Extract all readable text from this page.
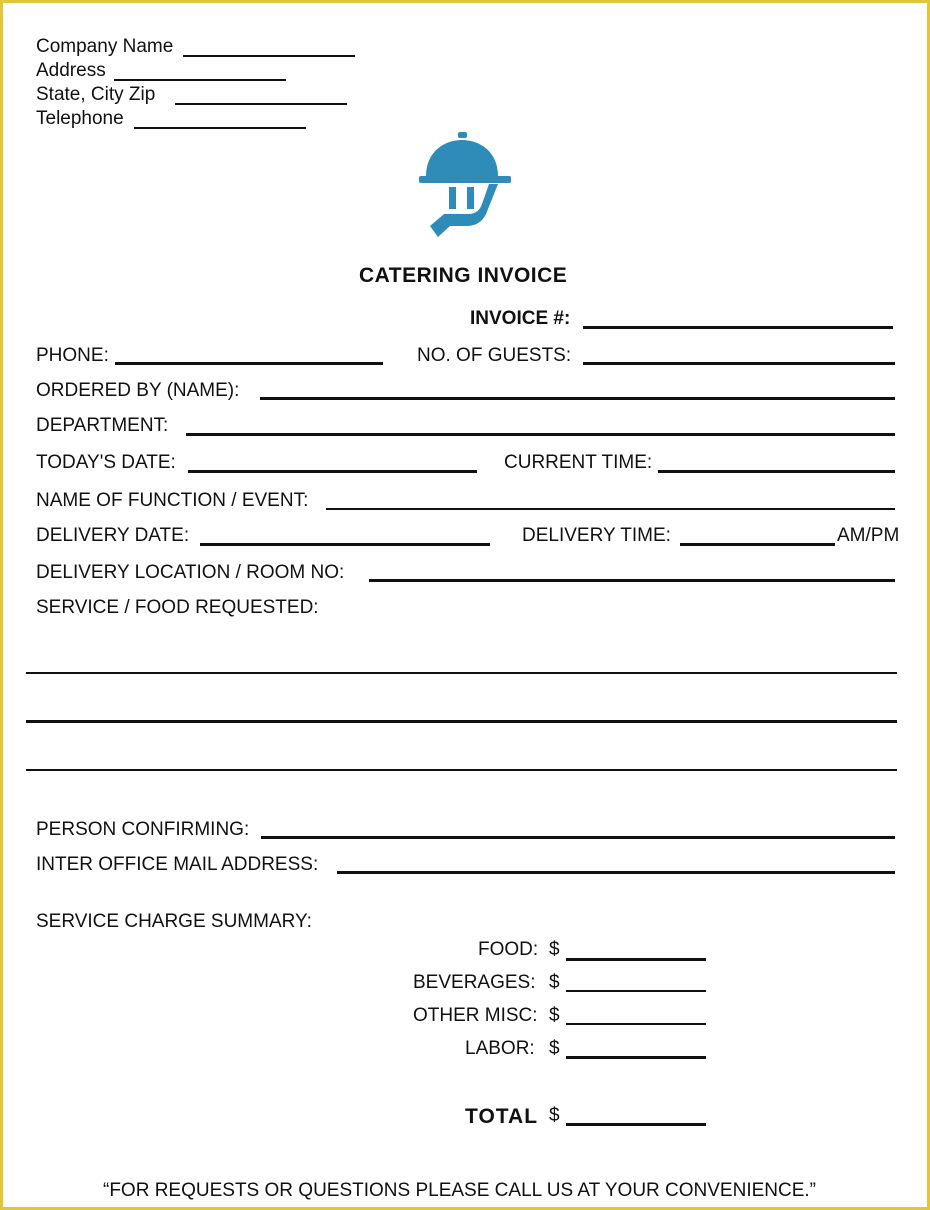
Company Name
Address
State, City Zip
Telephone
CATERING INVOICE
INVOICE #:
PHONE:	NO. OF GUESTS:
ORDERED BY (NAME):
DEPARTMENT:
TODAY'S DATE:	CURRENT TIME:
NAME OF FUNCTION / EVENT:
DELIVERY DATE:	DELIVERY TIME:	AM/PM
DELIVERY LOCATION / ROOM NO:
SERVICE / FOOD REQUESTED:
PERSON CONFIRMING:
INTER OFFICE MAIL ADDRESS:
SERVICE CHARGE SUMMARY:
FOOD: $
BEVERAGES: $
OTHER MISC: $
LABOR: $
TOTAL $
“FOR REQUESTS OR QUESTIONS PLEASE CALL US AT YOUR CONVENIENCE.”
